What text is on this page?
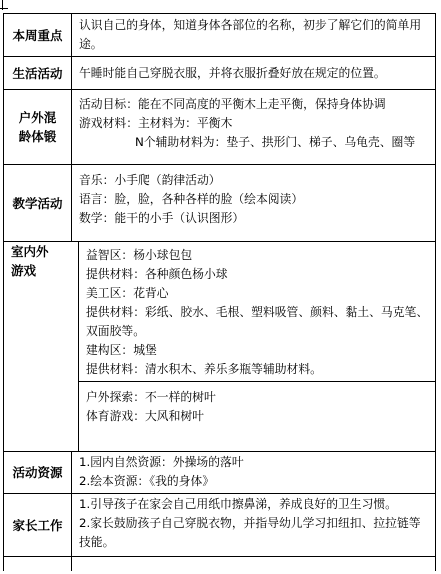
本周重点
认识自己的身体，知道身体各部位的名称，初步了解它们的简单用途。
生活活动	午睡时能自己穿脱衣服，并将衣服折叠好放在规定的位置。
户外混
龄体锻
活动目标：能在不同高度的平衡木上走平衡，保持身体协调
游戏材料：主材料为：平衡木
N个辅助材料为：垫子、拱形门、梯子、乌龟壳、圈等
教学活动
音乐：小手爬（韵律活动）
语言：脸，脸，各种各样的脸（绘本阅读）
数学：能干的小手（认识图形）
室内外
游戏
益智区：杨小球包包
提供材料：各种颜色杨小球
美工区：花背心
提供材料：彩纸、胶水、毛根、塑料吸管、颜料、黏土、马克笔、双面胶等。
建构区：城堡
提供材料：清水积木、养乐多瓶等辅助材料。
户外探索：不一样的树叶
体育游戏：大风和树叶
活动资源
1.园内自然资源：外操场的落叶
2.绘本资源：《我的身体》
家长工作
1.引导孩子在家会自己用纸巾擦鼻涕，养成良好的卫生习惯。
2.家长鼓励孩子自己穿脱衣物，并指导幼儿学习扣纽扣、拉拉链等技能。
